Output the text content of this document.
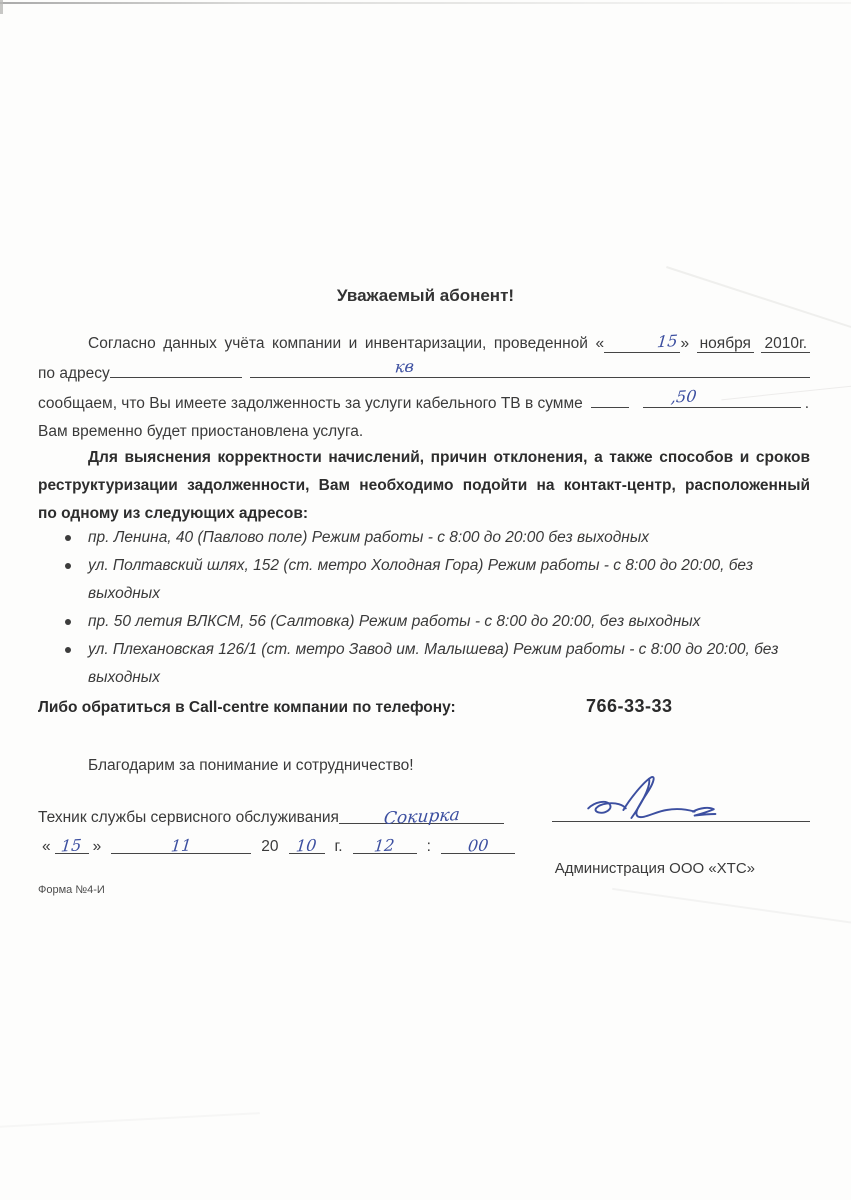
Уважаемый абонент!
Согласно данных учёта компании и инвентаризации, проведенной «	15 » ноября 2010г.
по адресу	кв
сообщаем, что Вы имеете задолженность за услуги кабельного ТВ в сумме	,50	.
Вам временно будет приостановлена услуга.
Для выяснения корректности начислений, причин отклонения, а также способов и сроков
реструктуризации задолженности, Вам необходимо подойти на контакт-центр, расположенный
по одному из следующих адресов:
пр. Ленина, 40 (Павлово поле) Режим работы - с 8:00 до 20:00 без выходных
ул. Полтавский шлях, 152 (ст. метро Холодная Гора) Режим работы - с 8:00 до 20:00, без выходных
пр. 50 летия ВЛКСМ, 56 (Салтовка) Режим работы - с 8:00 до 20:00, без выходных
ул. Плехановская 126/1 (ст. метро Завод им. Малышева) Режим работы - с 8:00 до 20:00, без выходных
Либо обратиться в Call-centre компании по телефону:	766-33-33
Благодарим за понимание и сотрудничество!
Техник службы сервисного обслуживания	Сокирка
« 15 »	11	20	10	г.	12	:	00
Администрация ООО «ХТС»
Форма №4-И
